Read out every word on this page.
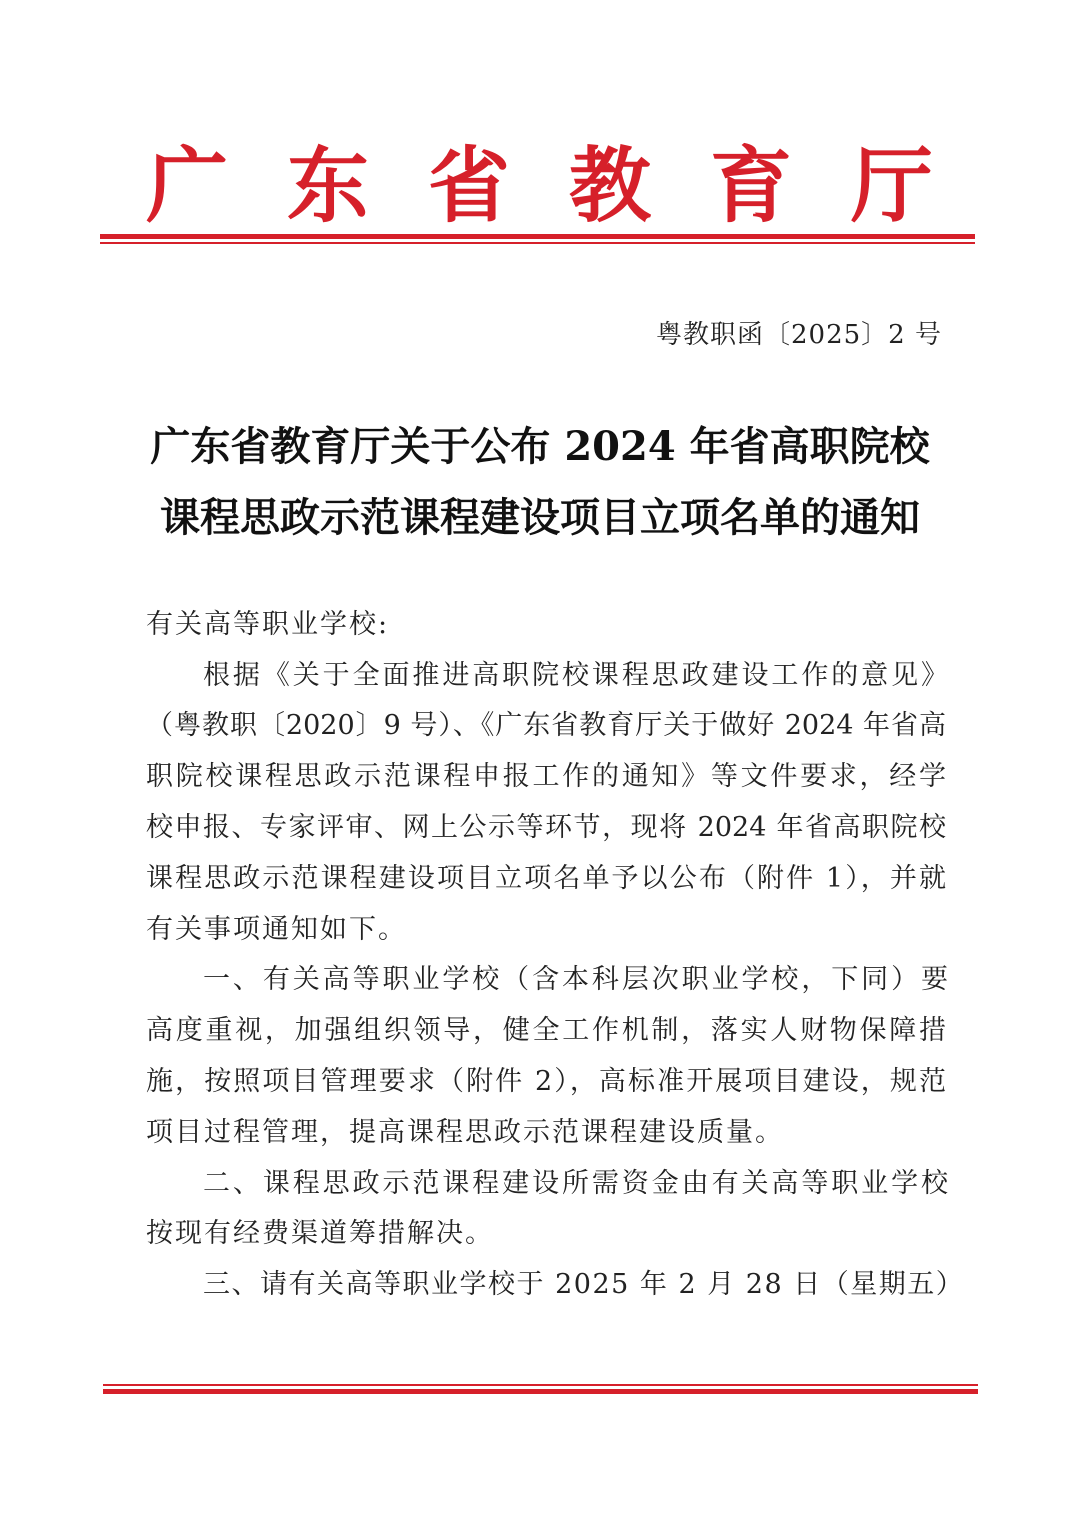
广 东 省 教 育 厅
粤教职函〔2025〕2 号
广东省教育厅关于公布 2024 年省高职院校
课程思政示范课程建设项目立项名单的通知
有关高等职业学校:
根据《关于全面推进高职院校课程思政建设工作的意见》
（粤教职〔2020〕9 号）、《广东省教育厅关于做好 2024 年省高
职院校课程思政示范课程申报工作的通知》等文件要求，经学
校申报、专家评审、网上公示等环节，现将 2024 年省高职院校
课程思政示范课程建设项目立项名单予以公布（附件 1），并就
有关事项通知如下。
一、有关高等职业学校（含本科层次职业学校，下同）要
高度重视，加强组织领导，健全工作机制，落实人财物保障措
施，按照项目管理要求（附件 2），高标准开展项目建设，规范
项目过程管理，提高课程思政示范课程建设质量。
二、课程思政示范课程建设所需资金由有关高等职业学校
按现有经费渠道筹措解决。
三、请有关高等职业学校于 2025 年 2 月 28 日（星期五）
